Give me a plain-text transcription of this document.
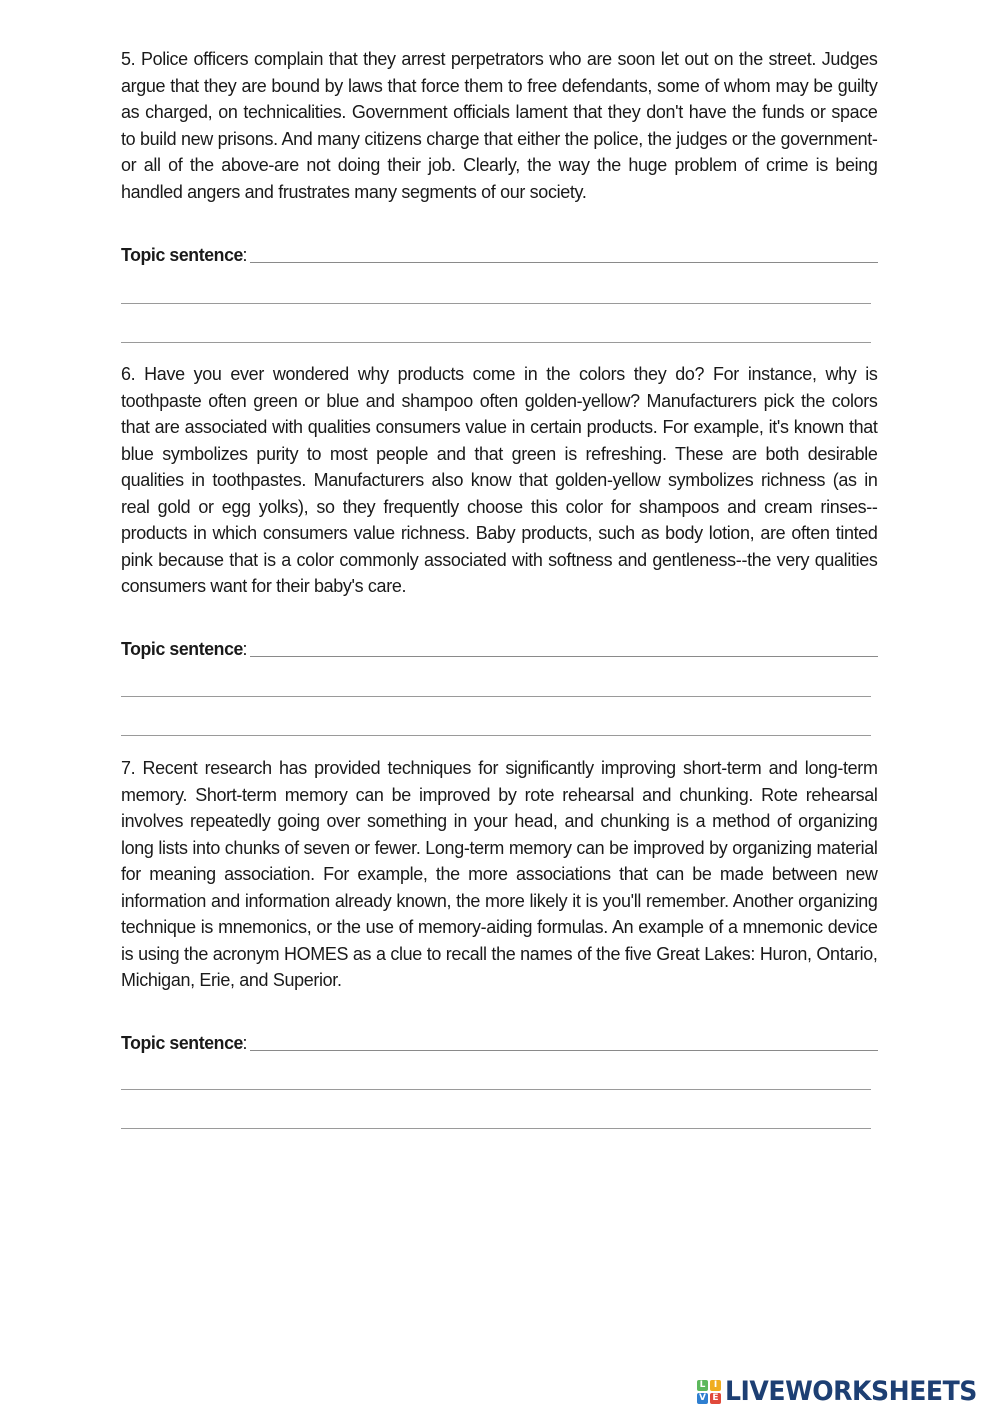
5. Police officers complain that they arrest perpetrators who are soon let out on the street. Judges argue that they are bound by laws that force them to free defendants, some of whom may be guilty as charged, on technicalities. Government officials lament that they don't have the funds or space to build new prisons. And many citizens charge that either the police, the judges or the government-or all of the above-are not doing their job. Clearly, the way the huge problem of crime is being handled angers and frustrates many segments of our society.

Topic sentence :

6. Have you ever wondered why products come in the colors they do? For instance, why is toothpaste often green or blue and shampoo often golden-yellow? Manufacturers pick the colors that are associated with qualities consumers value in certain products. For example, it's known that blue symbolizes purity to most people and that green is refreshing. These are both desirable qualities in toothpastes. Manufacturers also know that golden-yellow symbolizes richness (as in real gold or egg yolks), so they frequently choose this color for shampoos and cream rinses--products in which consumers value richness. Baby products, such as body lotion, are often tinted pink because that is a color commonly associated with softness and gentleness--the very qualities consumers want for their baby's care.

Topic sentence :

7. Recent research has provided techniques for significantly improving short-term and long-term memory. Short-term memory can be improved by rote rehearsal and chunking. Rote rehearsal involves repeatedly going over something in your head, and chunking is a method of organizing long lists into chunks of seven or fewer. Long-term memory can be improved by organizing material for meaning association. For example, the more associations that can be made between new information and information already known, the more likely it is you'll remember. Another organizing technique is mnemonics, or the use of memory-aiding formulas. An example of a mnemonic device is using the acronym HOMES as a clue to recall the names of the five Great Lakes: Huron, Ontario, Michigan, Erie, and Superior.

Topic sentence :
L I
V E LIVEWORKSHEETS
